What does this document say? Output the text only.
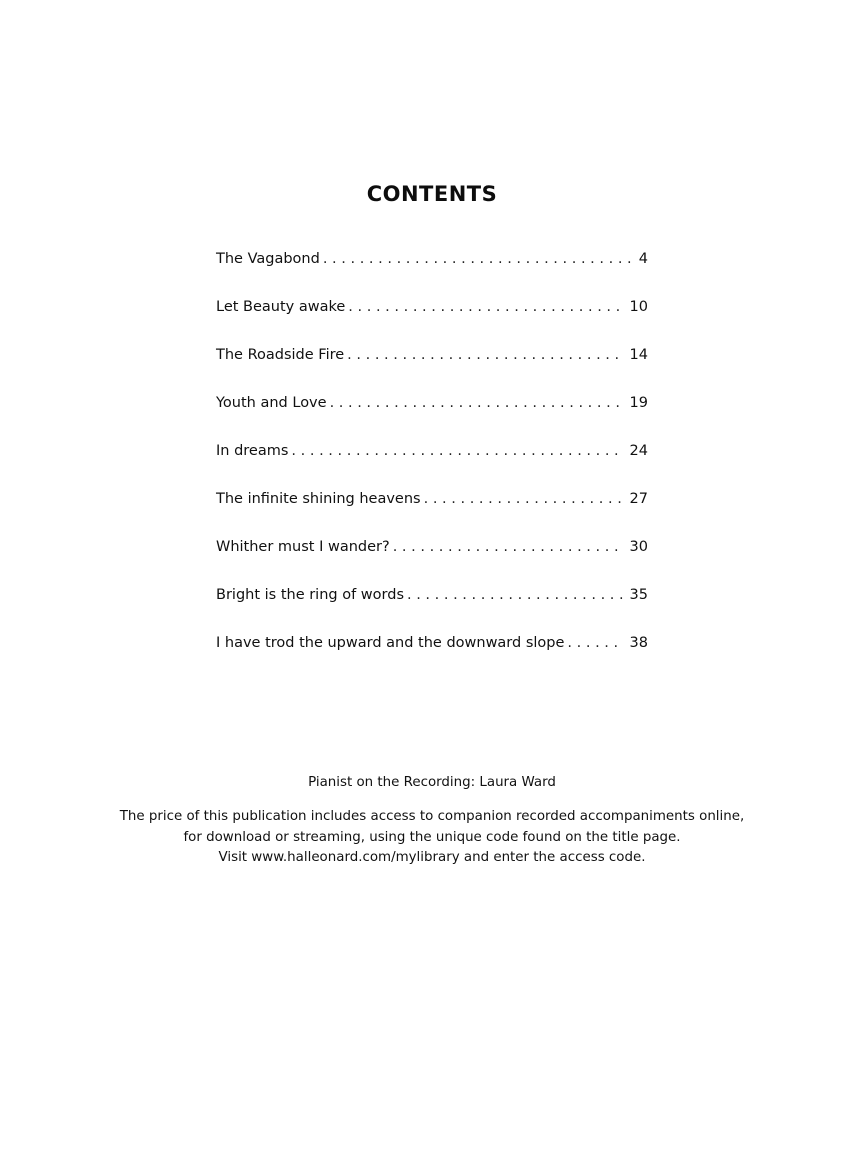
CONTENTS
The Vagabond . . .	4
Let Beauty awake . . .	10
The Roadside Fire . . .	14
Youth and Love . . .	19
In dreams . . .	24
The infinite shining heavens . . .	27
Whither must I wander? . . .	30
Bright is the ring of words . . .	35
I have trod the upward and the downward slope . . .	38
Pianist on the Recording: Laura Ward
The price of this publication includes access to companion recorded accompaniments online,
for download or streaming, using the unique code found on the title page.
Visit www.halleonard.com/mylibrary and enter the access code.
